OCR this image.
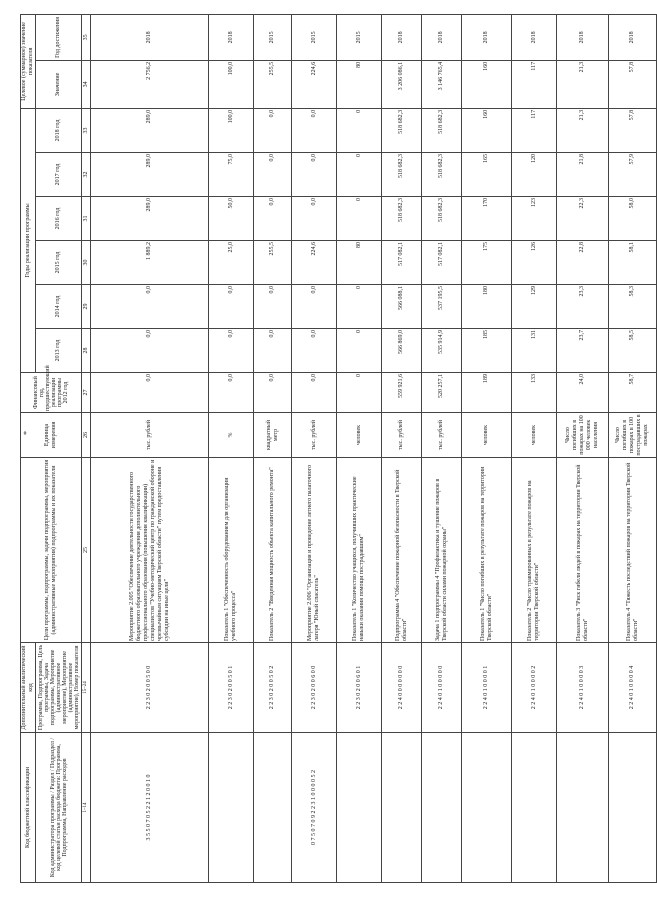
*
Код бюджетной классификации	Дополнительный аналитический код	Цели программы, подпрограммы, задачи подпрограммы, мероприятия (административные мероприятия) подпрограммы и их показатели	Единица измерения	Финансовый год, предшествующий реализации программы 2012 год	Годы реализации программы						Целевое (суммарное) значение показателя	
Код администратора программы / Раздел / Подраздел / код целевой статьи расхода бюджета: Программа, Подпрограмма, Направление расходов	Программа, Подпрограмма, Цель программы, Задача подпрограммы, Мероприятие (административное мероприятие), Мероприятие (административное мероприятие), Номер показателя				2013 год	2014 год	2015 год	2016 год	2017 год	2018 год	Значение	Год достижения
1–14	15–24	25	26	27	28	29	30	31	32	33	34	35
3 5 5 0 7 0 5 2 2 1 2 0 0 1 0	2 2 3 0 2 0 0 5 0 0	Мероприятие 2.005 "Обеспечение деятельности государственного бюджетного образовательного учреждения дополнительного профессионального образования (повышения квалификации) специалистов "Учебно-методический центр по гражданской обороне и чрезвычайным ситуациям Тверской области" путем предоставления субсидии на иные цели"	тыс. рублей	0,0	0,0	0,0	1 889,2	289,0	289,0	289,0	2 756,2	2018
	2 2 3 0 2 0 0 5 0 1	Показатель 1 "Обеспеченность оборудованием для организации учебного процесса"	%	0,0	0,0	0,0	25,0	50,0	75,0	100,0	100,0	2018
	2 2 3 0 2 0 0 5 0 2	Показатель 2 "Введенная мощность объекта капитального ремонта"	квадратный метр	0,0	0,0	0,0	255,5	0,0	0,0	0,0	255,5	2015
0 7 5 0 7 0 9 2 2 3 1 0 0 0 0 5 2	2 2 3 0 2 0 0 6 0 0	Мероприятие 2.006 "Организация и проведение летнего палаточного лагеря "Юный спасатель"	тыс. рублей	0,0	0,0	0,0	224,6	0,0	0,0	0,0	224,6	2015
	2 2 3 0 2 0 0 6 0 1	Показатель 1 "Количество учащихся, получивших практические навыки оказания помощи пострадавшим"	человек	0	0	0	80	0	0	0	80	2015
	2 2 4 0 0 0 0 0 0 0	Подпрограмма 4 "Обеспечение пожарной безопасности в Тверской области"	тыс. рублей	559 921,6	566 869,0	566 088,1	517 082,1	518 682,3	518 682,3	518 682,3	3 206 086,1	2018
	2 2 4 0 1 0 0 0 0 0	Задача 1 подпрограммы 4 "Профилактика и тушение пожаров в Тверской области силами пожарной охраны"	тыс. рублей	520 257,1	535 914,9	537 195,5	517 082,1	518 682,3	518 682,3	518 682,3	3 146 765,4	2018
	2 2 4 0 1 0 0 0 0 1	Показатель 1 "Число погибших в результате пожаров на территории Тверской области"	человек	189	185	180	175	170	165	160	160	2018
	2 2 4 0 1 0 0 0 0 2	Показатель 2 "Число травмированных в результате пожаров на территории Тверской области"	человек	133	131	129	126	123	120	117	117	2018
	2 2 4 0 1 0 0 0 0 3	Показатель 3 "Риск гибели людей в пожарах на территории Тверской области"	Число погибших в пожарах на 100 000 человек населения	24,0	23,7	23,3	22,8	22,3	21,8	21,3	21,3	2018
	2 2 4 0 1 0 0 0 0 4	Показатель 4 "Тяжесть последствий пожаров на территории Тверской области"	Число погибших в пожарах в 100 пострадавших в пожарах	58,7	58,5	58,3	58,1	58,0	57,9	57,8	57,8	2018
